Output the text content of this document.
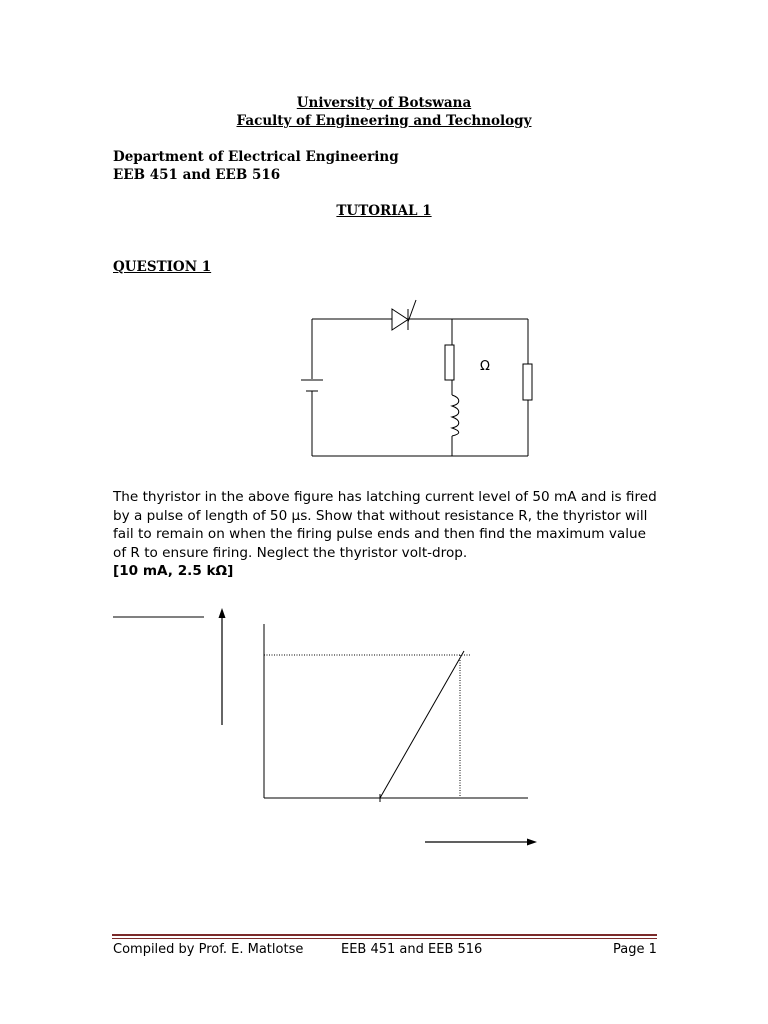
University of Botswana
Faculty of Engineering and Technology
Department of Electrical Engineering
EEB 451 and EEB 516
TUTORIAL 1
QUESTION 1
Ω
The thyristor in the above figure has latching current level of 50 mA and is fired by a pulse of length of 50 µs. Show that without resistance R, the thyristor will fail to remain on when the firing pulse ends and then find the maximum value of R to ensure firing. Neglect the thyristor volt-drop.
[10 mA, 2.5 kΩ]
Compiled by Prof. E. Matlotse	EEB 451 and EEB 516	Page 1
